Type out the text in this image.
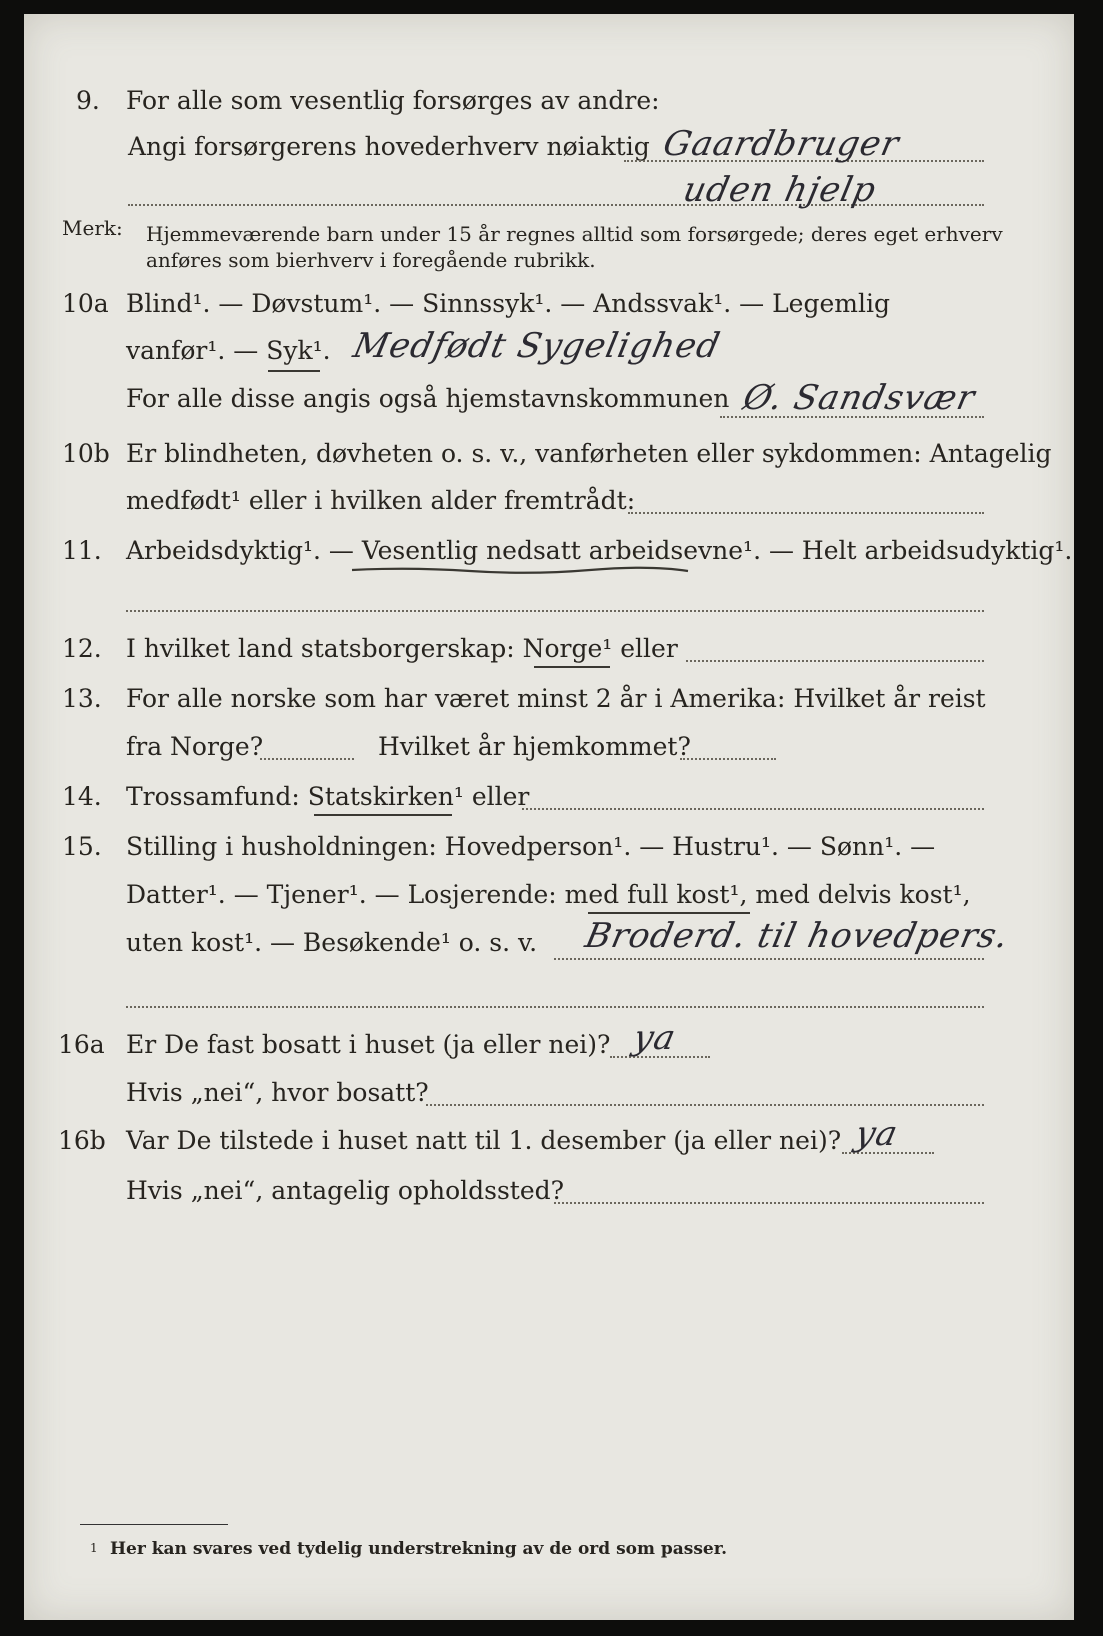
9. For alle som vesentlig forsørges av andre:
Angi forsørgerens hovederhverv nøiaktig Gaardbruger
uden hjelp
Merk: Hjemmeværende barn under 15 år regnes alltid som forsørgede; deres eget erhverv
anføres som bierhverv i foregående rubrikk.
10a Blind¹. — Døvstum¹. — Sinnssyk¹. — Andssvak¹. — Legemlig
vanfør¹. — Syk¹. Medfødt Sygelighed
For alle disse angis også hjemstavnskommunen Ø. Sandsvær
10b Er blindheten, døvheten o. s. v., vanførheten eller sykdommen: Antagelig
medfødt¹ eller i hvilken alder fremtrådt:
11. Arbeidsdyktig¹. — Vesentlig nedsatt arbeidsevne¹. — Helt arbeidsudyktig¹.
12. I hvilket land statsborgerskap: Norge¹ eller
13. For alle norske som har været minst 2 år i Amerika: Hvilket år reist
fra Norge?	Hvilket år hjemkommet?
14. Trossamfund: Statskirken¹ eller
15. Stilling i husholdningen: Hovedperson¹. — Hustru¹. — Sønn¹. —
Datter¹. — Tjener¹. — Losjerende: med full kost¹, med delvis kost¹,
uten kost¹. — Besøkende¹ o. s. v. Broderd. til hovedpers.
16a Er De fast bosatt i huset (ja eller nei)? ya
Hvis „nei“, hvor bosatt?
16b Var De tilstede i huset natt til 1. desember (ja eller nei)? ya
Hvis „nei“, antagelig opholdssted?
1 Her kan svares ved tydelig understrekning av de ord som passer.
